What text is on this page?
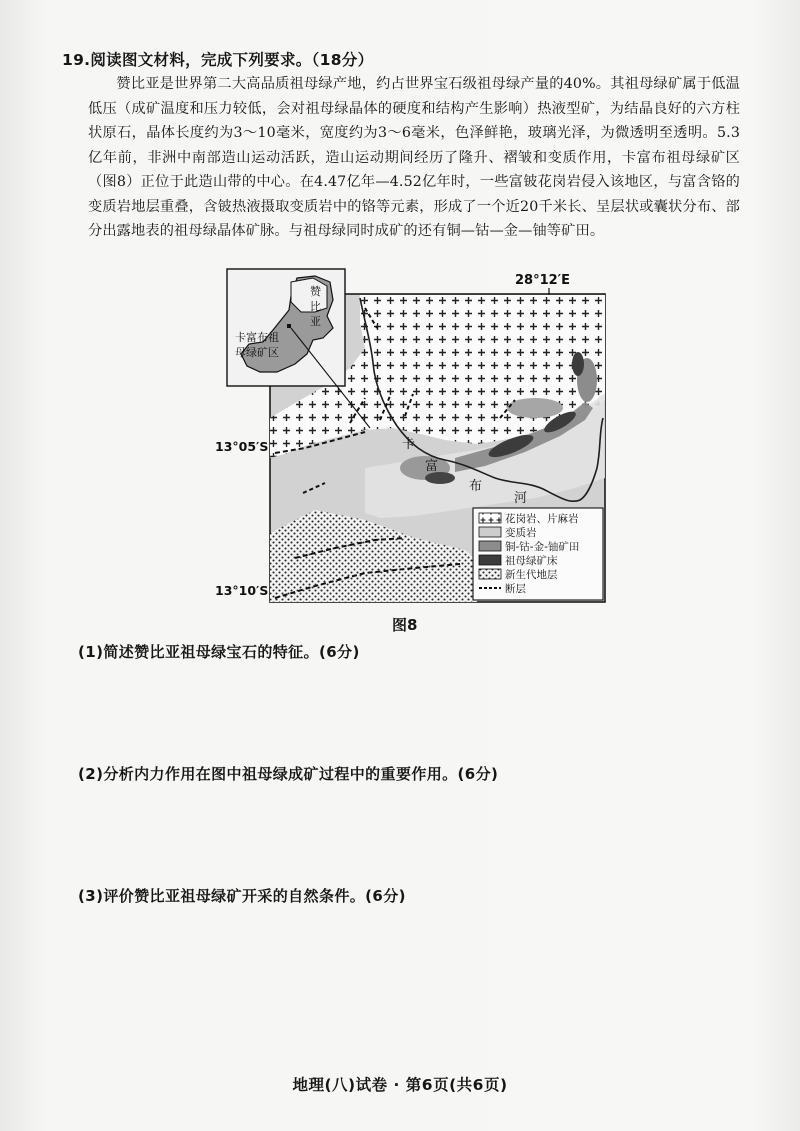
19.阅读图文材料，完成下列要求。（18分）

赞比亚是世界第二大高品质祖母绿产地，约占世界宝石级祖母绿产量的40%。其祖母绿矿属于低温低压（成矿温度和压力较低，会对祖母绿晶体的硬度和结构产生影响）热液型矿，为结晶良好的六方柱状原石，晶体长度约为3～10毫米，宽度约为3～6毫米，色泽鲜艳，玻璃光泽，为微透明至透明。5.3亿年前，非洲中南部造山运动活跃，造山运动期间经历了隆升、褶皱和变质作用，卡富布祖母绿矿区（图8）正位于此造山带的中心。在4.47亿年—4.52亿年时，一些富铍花岗岩侵入该地区，与富含铬的变质岩地层重叠，含铍热液摄取变质岩中的铬等元素，形成了一个近20千米长、呈层状或囊状分布、部分出露地表的祖母绿晶体矿脉。与祖母绿同时成矿的还有铜—钴—金—铀等矿田。

卡
富
布
河
28°12′E
13°05′S
13°10′S
赞
比
亚
卡富布祖
母绿矿区
花岗岩、片麻岩
变质岩
铜-钴-金-铀矿田
祖母绿矿床
新生代地层
断层
图8
(1)简述赞比亚祖母绿宝石的特征。(6分)
(2)分析内力作用在图中祖母绿成矿过程中的重要作用。(6分)
(3)评价赞比亚祖母绿矿开采的自然条件。(6分)
地理(八)试卷 · 第6页(共6页)
